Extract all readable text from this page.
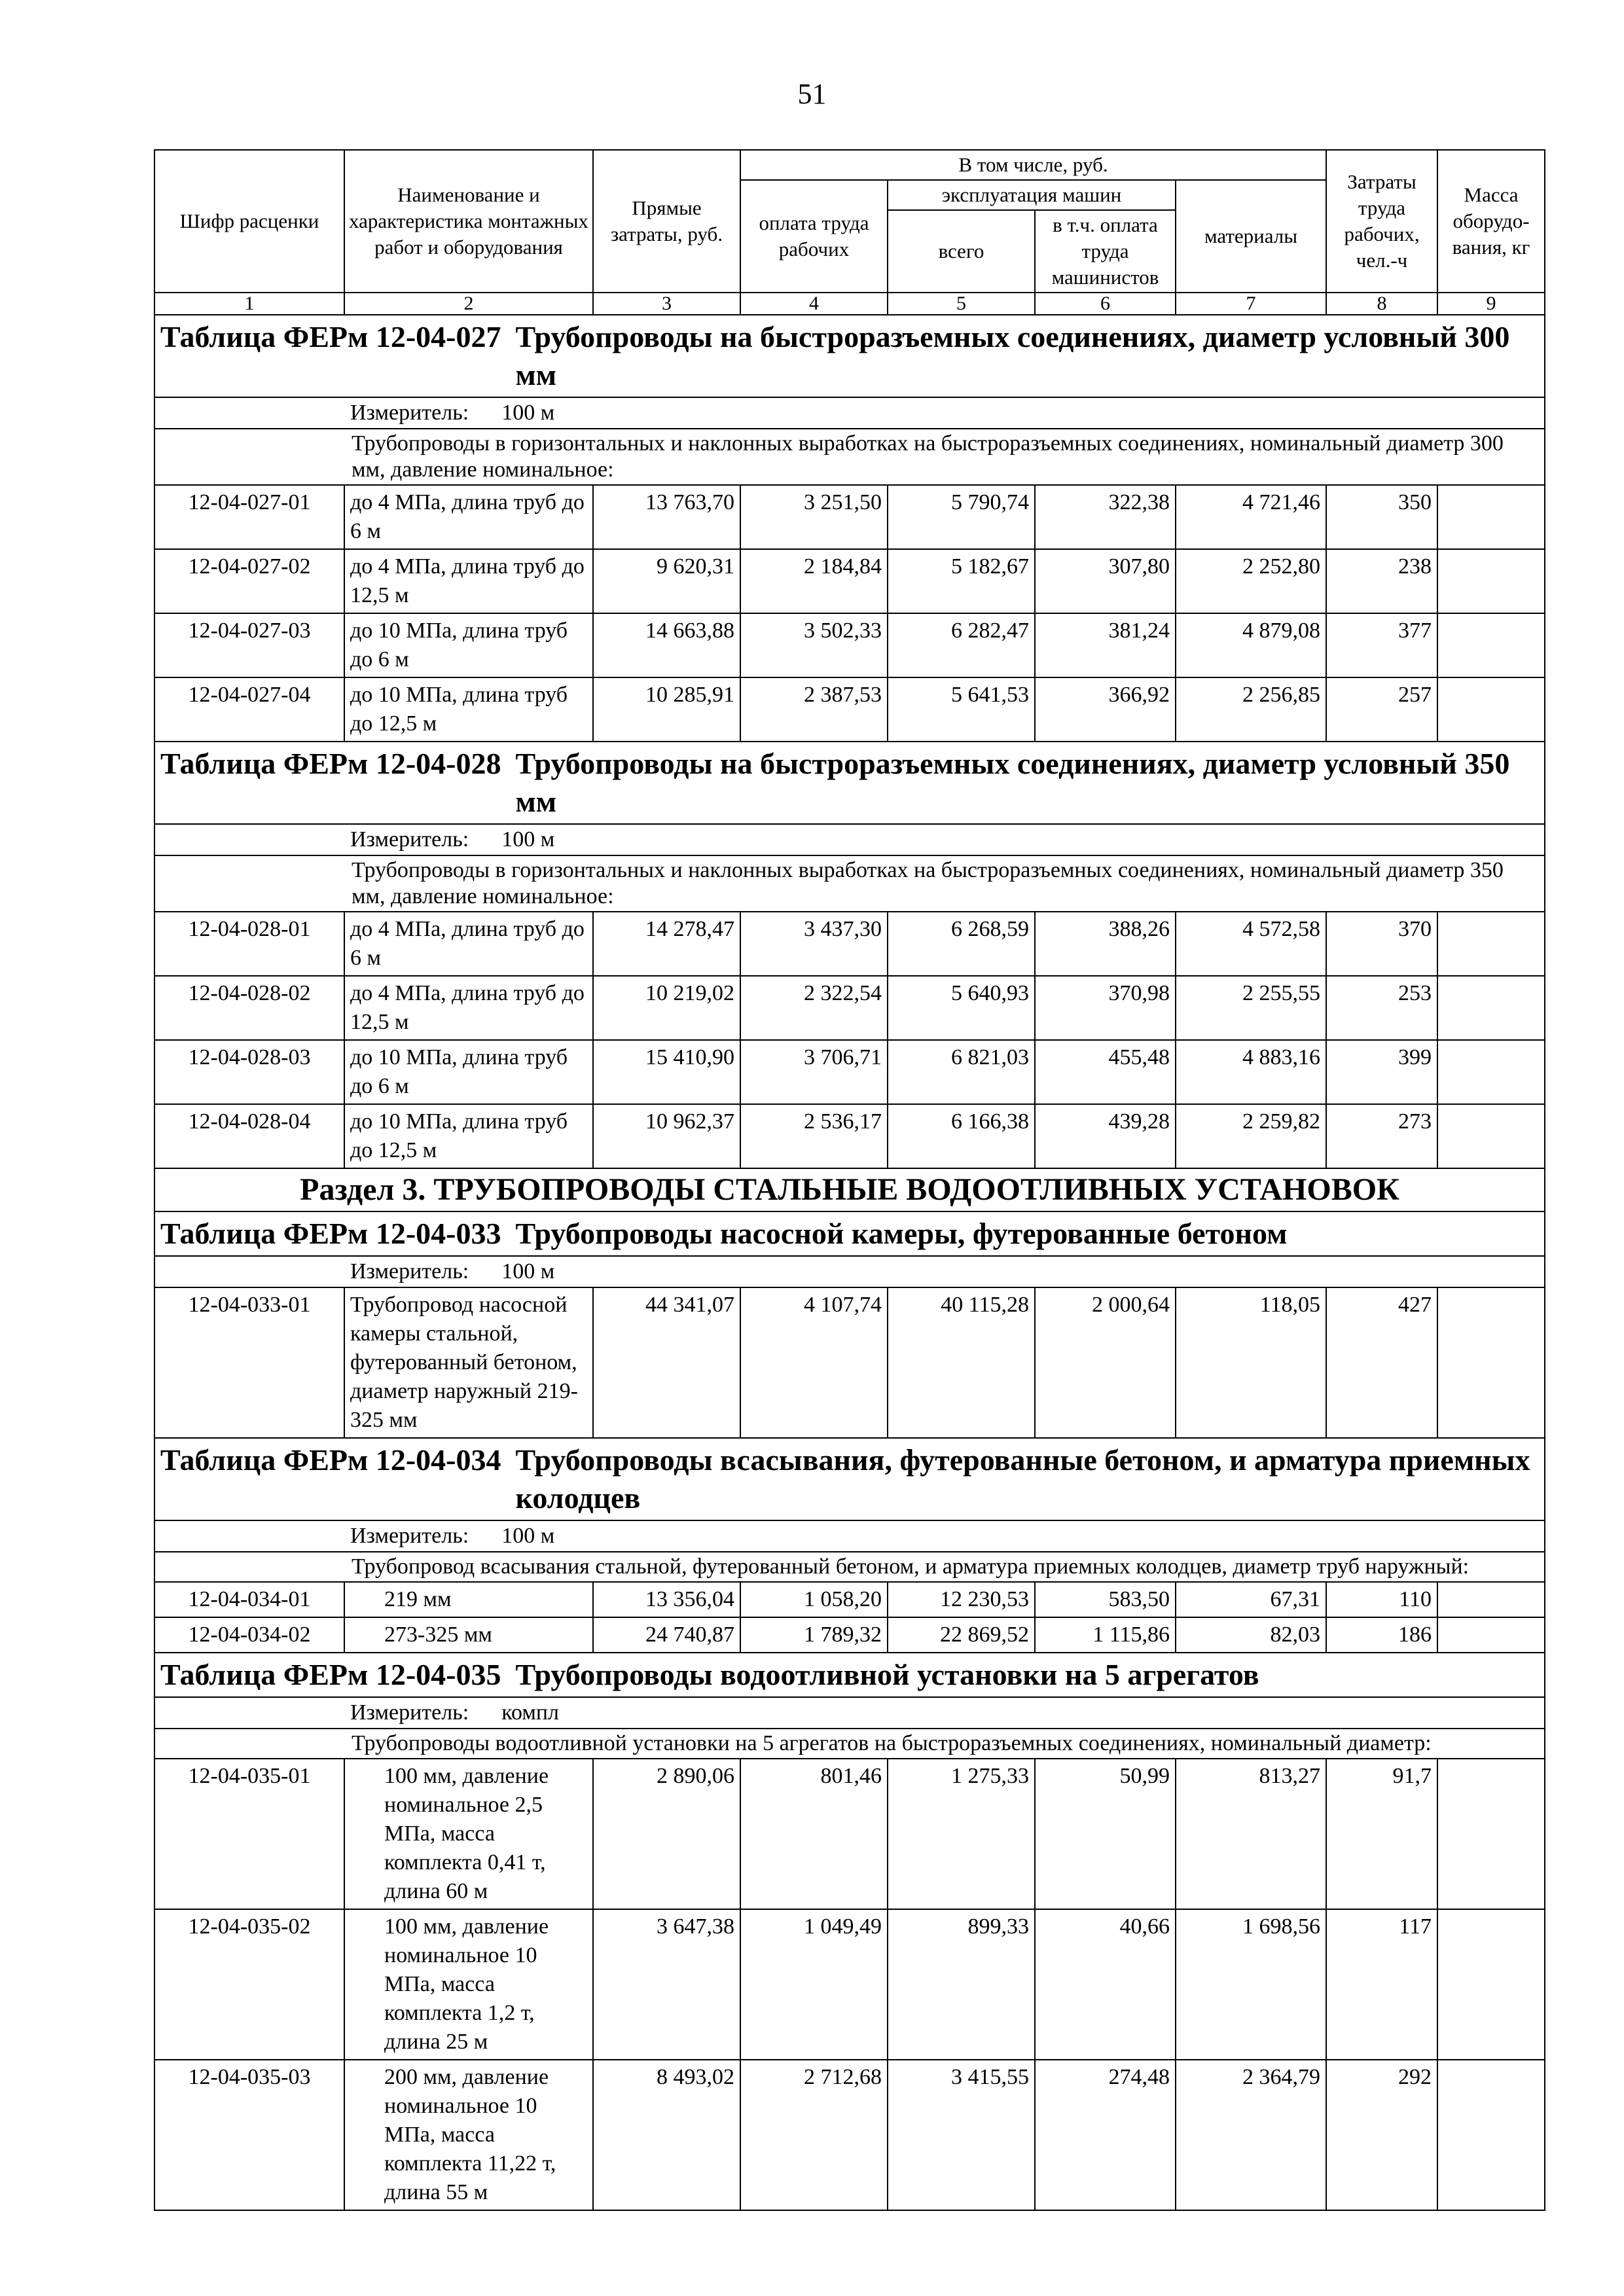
51
Шифр расценки	Наименование и характеристика монтажных работ и оборудования	Прямые затраты, руб.	В том числе, руб.				Затраты труда рабочих, чел.-ч	Масса оборудо-вания, кг
			оплата труда рабочих	эксплуатация машин		материалы		
				всего	в т.ч. оплата труда машинистов			
1	2	3	4	5	6	7	8	9

Таблица ФЕРм 12-04-027 Трубопроводы на быстроразъемных соединениях, диаметр условный 300 мм								

Измеритель: 100 м								

Трубопроводы в горизонтальных и наклонных выработках на быстроразъемных соединениях, номинальный диаметр 300 мм, давление номинальное:								
12-04-027-01	до 4 МПа, длина труб до 6 м	13 763,70	3 251,50	5 790,74	322,38	4 721,46	350	
12-04-027-02	до 4 МПа, длина труб до 12,5 м	9 620,31	2 184,84	5 182,67	307,80	2 252,80	238	
12-04-027-03	до 10 МПа, длина труб до 6 м	14 663,88	3 502,33	6 282,47	381,24	4 879,08	377	
12-04-027-04	до 10 МПа, длина труб до 12,5 м	10 285,91	2 387,53	5 641,53	366,92	2 256,85	257	

Таблица ФЕРм 12-04-028 Трубопроводы на быстроразъемных соединениях, диаметр условный 350 мм								

Измеритель: 100 м								

Трубопроводы в горизонтальных и наклонных выработках на быстроразъемных соединениях, номинальный диаметр 350 мм, давление номинальное:								
12-04-028-01	до 4 МПа, длина труб до 6 м	14 278,47	3 437,30	6 268,59	388,26	4 572,58	370	
12-04-028-02	до 4 МПа, длина труб до 12,5 м	10 219,02	2 322,54	5 640,93	370,98	2 255,55	253	
12-04-028-03	до 10 МПа, длина труб до 6 м	15 410,90	3 706,71	6 821,03	455,48	4 883,16	399	
12-04-028-04	до 10 МПа, длина труб до 12,5 м	10 962,37	2 536,17	6 166,38	439,28	2 259,82	273	
Раздел 3. ТРУБОПРОВОДЫ СТАЛЬНЫЕ ВОДООТЛИВНЫХ УСТАНОВОК								

Таблица ФЕРм 12-04-033 Трубопроводы насосной камеры, футерованные бетоном								

Измеритель: 100 м								

12-04-033-01	Трубопровод насосной камеры стальной, футерованный бетоном, диаметр наружный 219-325 мм	44 341,07	4 107,74	40 115,28	2 000,64	118,05	427	

Таблица ФЕРм 12-04-034 Трубопроводы всасывания, футерованные бетоном, и арматура приемных колодцев								

Измеритель: 100 м								

Трубопровод всасывания стальной, футерованный бетоном, и арматура приемных колодцев, диаметр труб наружный:								
12-04-034-01	219 мм	13 356,04	1 058,20	12 230,53	583,50	67,31	110	
12-04-034-02	273-325 мм	24 740,87	1 789,32	22 869,52	1 115,86	82,03	186	

Таблица ФЕРм 12-04-035 Трубопроводы водоотливной установки на 5 агрегатов								

Измеритель: компл								

Трубопроводы водоотливной установки на 5 агрегатов на быстроразъемных соединениях, номинальный диаметр:								
12-04-035-01	100 мм, давление номинальное 2,5 МПа, масса комплекта 0,41 т, длина 60 м	2 890,06	801,46	1 275,33	50,99	813,27	91,7	
12-04-035-02	100 мм, давление номинальное 10 МПа, масса комплекта 1,2 т, длина 25 м	3 647,38	1 049,49	899,33	40,66	1 698,56	117	
12-04-035-03	200 мм, давление номинальное 10 МПа, масса комплекта 11,22 т, длина 55 м	8 493,02	2 712,68	3 415,55	274,48	2 364,79	292	
